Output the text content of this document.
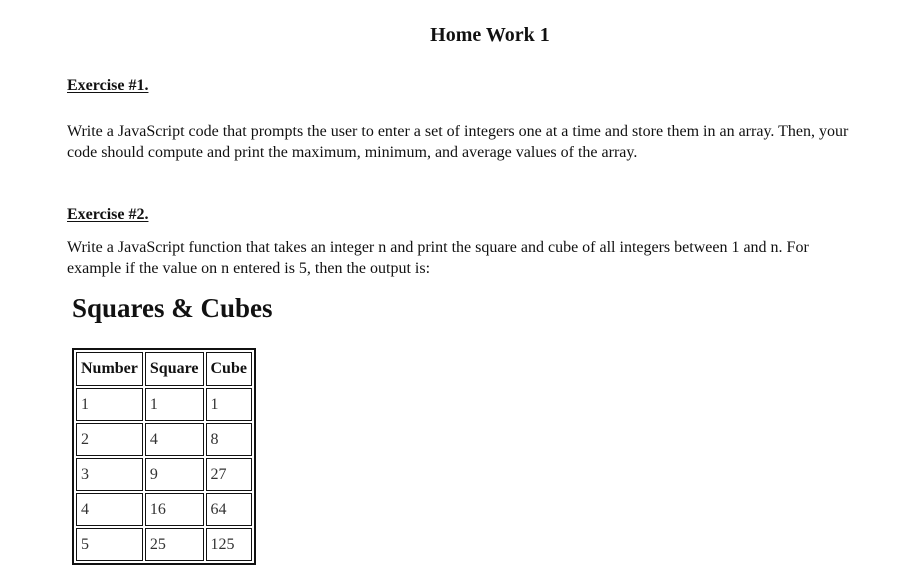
Home Work 1
Exercise #1.
Write a JavaScript code that prompts the user to enter a set of integers one at a time and store them in an array. Then, your code should compute and print the maximum, minimum, and average values of the array.
Exercise #2.
Write a JavaScript function that takes an integer n and print the square and cube of all integers between 1 and n. For example if the value on n entered is 5, then the output is:
Squares & Cubes
Number	Square	Cube
1	1	1
2	4	8
3	9	27
4	16	64
5	25	125
